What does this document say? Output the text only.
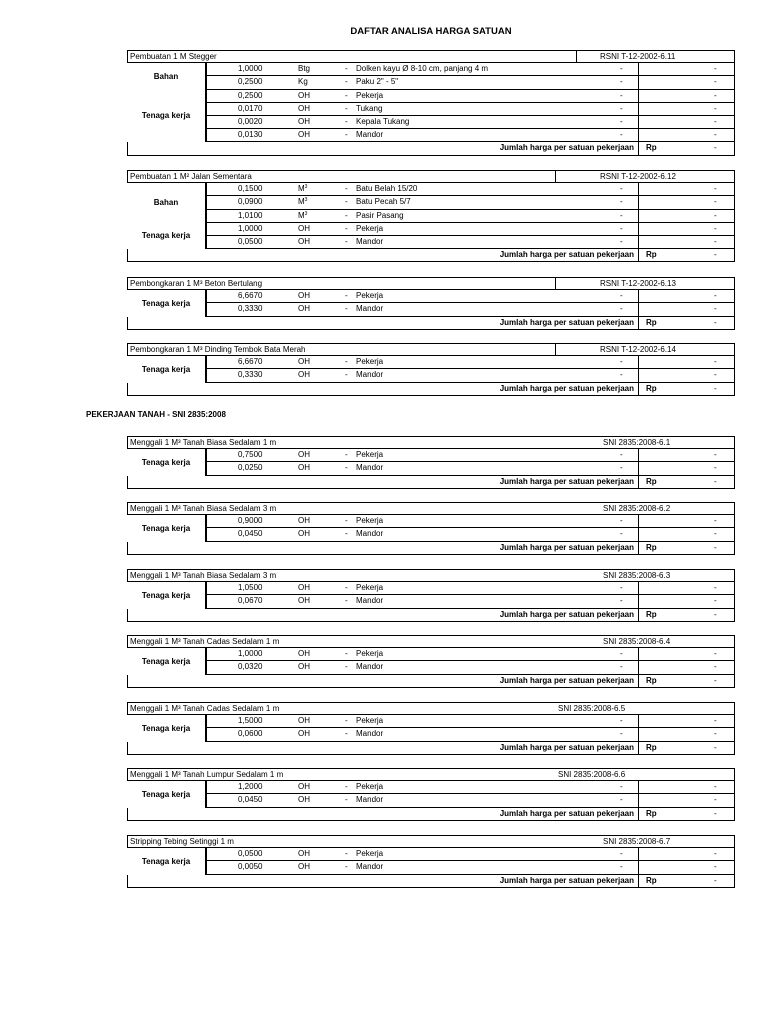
DAFTAR ANALISA HARGA SATUAN
PEKERJAAN TANAH - SNI 2835:2008
Pembuatan 1 M Stegger	RSNI T-12-2002-6.11
Bahan
1,0000	Btg	- Dolken kayu Ø 8-10 cm, panjang 4 m	-	-
0,2500	Kg	- Paku 2" - 5"	-	-
Tenaga kerja
0,2500	OH	- Pekerja	-	-
0,0170	OH	- Tukang	-	-
0,0020	OH	- Kepala Tukang	-	-
0,0130	OH	- Mandor	-	-
Jumlah harga per satuan pekerjaan Rp	-
Pembuatan 1 M² Jalan Sementara	RSNI T-12-2002-6.12
Bahan
0,1500	$M^3$	- Batu Belah 15/20	-	-
0,0900	$M^3$	- Batu Pecah 5/7	-	-
1,0100	$M^3$	- Pasir Pasang	-	-
Tenaga kerja
1,0000	OH	- Pekerja	-	-
0,0500	OH	- Mandor	-	-
Jumlah harga per satuan pekerjaan Rp	-
Pembongkaran 1 M³ Beton Bertulang	RSNI T-12-2002-6.13
Tenaga kerja
6,6670	OH	- Pekerja	-	-
0,3330	OH	- Mandor	-	-
Jumlah harga per satuan pekerjaan Rp	-
Pembongkaran 1 M³ Dinding Tembok Bata Merah	RSNI T-12-2002-6.14
Tenaga kerja
6,6670	OH	- Pekerja	-	-
0,3330	OH	- Mandor	-	-
Jumlah harga per satuan pekerjaan Rp	-
Menggali 1 M³ Tanah Biasa Sedalam 1 m	SNI 2835:2008-6.1
Tenaga kerja
0,7500	OH	- Pekerja	-	-
0,0250	OH	- Mandor	-	-
Jumlah harga per satuan pekerjaan Rp	-
Menggali 1 M³ Tanah Biasa Sedalam 3 m	SNI 2835:2008-6.2
Tenaga kerja
0,9000	OH	- Pekerja	-	-
0,0450	OH	- Mandor	-	-
Jumlah harga per satuan pekerjaan Rp	-
Menggali 1 M³ Tanah Biasa Sedalam 3 m	SNI 2835:2008-6.3
Tenaga kerja
1,0500	OH	- Pekerja	-	-
0,0670	OH	- Mandor	-	-
Jumlah harga per satuan pekerjaan Rp	-
Menggali 1 M³ Tanah Cadas Sedalam 1 m	SNI 2835:2008-6.4
Tenaga kerja
1,0000	OH	- Pekerja	-	-
0,0320	OH	- Mandor	-	-
Jumlah harga per satuan pekerjaan Rp	-
Menggali 1 M³ Tanah Cadas Sedalam 1 m	SNI 2835:2008-6.5
Tenaga kerja
1,5000	OH	- Pekerja	-	-
0,0600	OH	- Mandor	-	-
Jumlah harga per satuan pekerjaan Rp	-
Menggali 1 M³ Tanah Lumpur Sedalam 1 m	SNI 2835:2008-6.6
Tenaga kerja
1,2000	OH	- Pekerja	-	-
0,0450	OH	- Mandor	-	-
Jumlah harga per satuan pekerjaan Rp	-
Stripping Tebing Setinggi 1 m	SNI 2835:2008-6.7
Tenaga kerja
0,0500	OH	- Pekerja	-	-
0,0050	OH	- Mandor	-	-
Jumlah harga per satuan pekerjaan Rp	-
